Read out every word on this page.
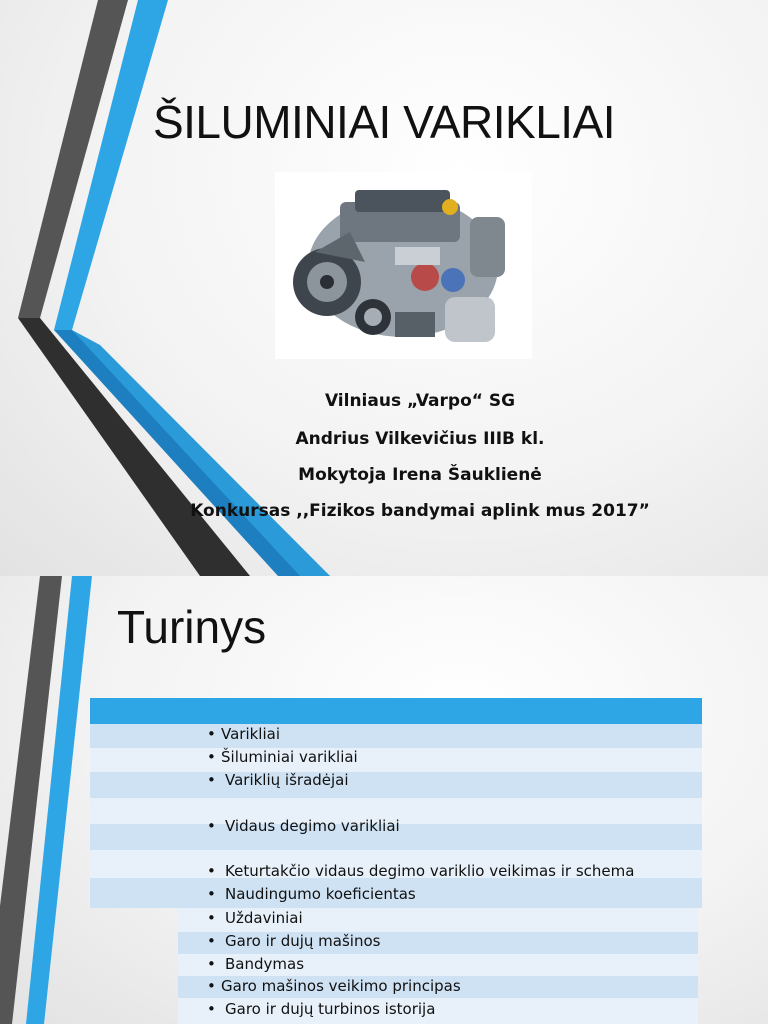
ŠILUMINIAI VARIKLIAI
Vilniaus „Varpo“ SG
Andrius Vilkevičius IIIB kl.
Mokytoja Irena Šauklienė
Konkursas ,,Fizikos bandymai aplink mus 2017”
Turinys
• Varikliai
• Šiluminiai varikliai
• Variklių išradėjai
• Vidaus degimo varikliai
• Keturtakčio vidaus degimo variklio veikimas ir schema
• Naudingumo koeficientas
• Uždaviniai
• Garo ir dujų mašinos
• Bandymas
• Garo mašinos veikimo principas
• Garo ir dujų turbinos istorija
